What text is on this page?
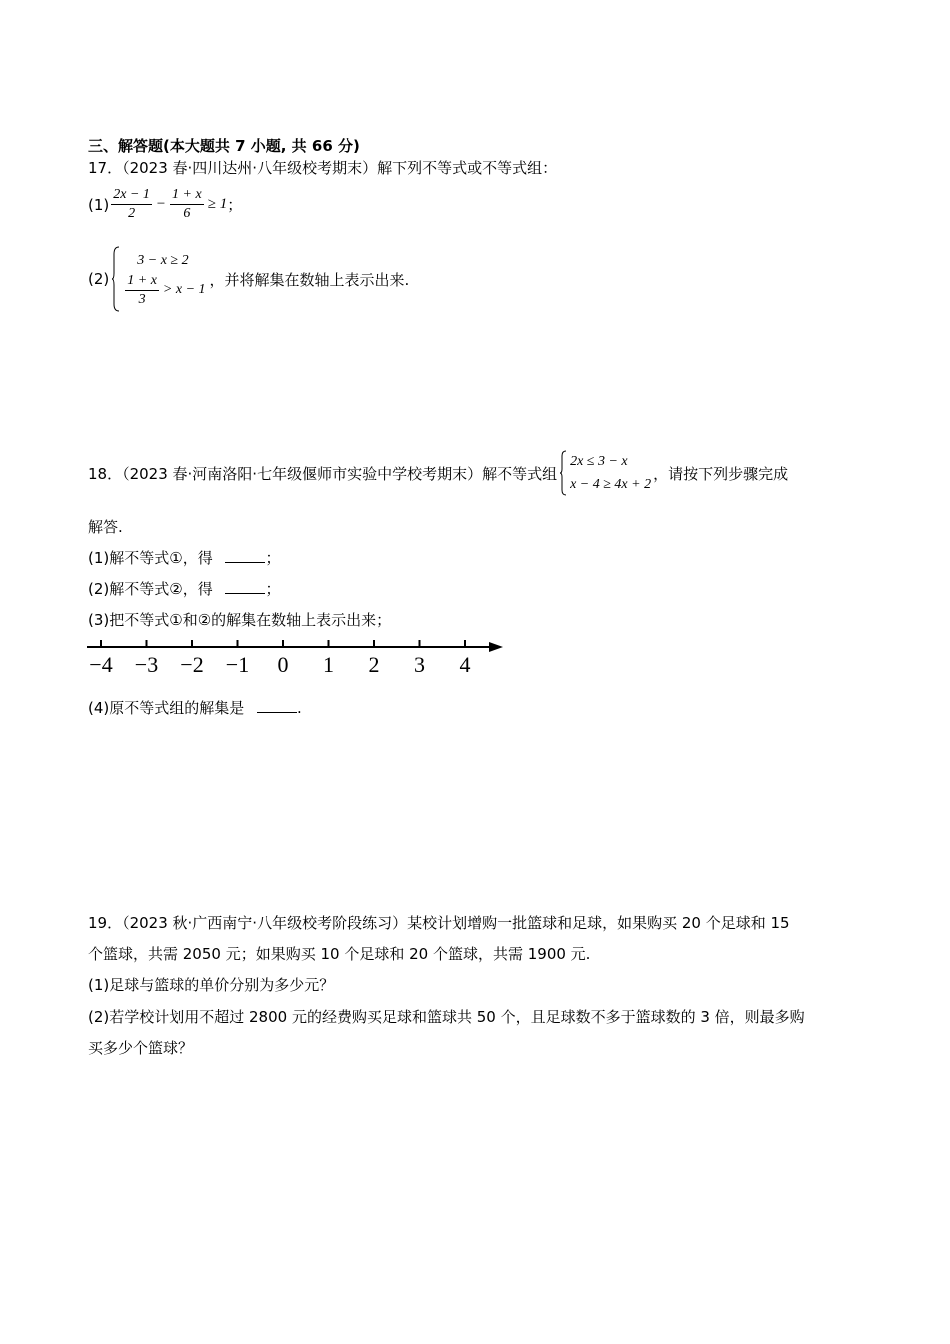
三、解答题(本大题共 7 小题, 共 66 分)
17．（2023 春·四川达州·八年级校考期末）解下列不等式或不等式组：
$(1) \frac{2x - 1}{2} - \frac{1 + x}{6} \ge 1$ ；
(2)
3 − x ≥ 2
$\frac{1 + x}{3} > x - 1$
，并将解集在数轴上表示出来.
18．（2023 春·河南洛阳·七年级偃师市实验中学校考期末）解不等式组
2x ≤ 3 − x
x − 4 ≥ 4x + 2
，请按下列步骤完成
解答.
(1)解不等式①，得	；
(2)解不等式②，得	；
(3)把不等式①和②的解集在数轴上表示出来；
−4 −3 −2 −1 0 1 2 3 4
(4)原不等式组的解集是	.
19．（2023 秋·广西南宁·八年级校考阶段练习）某校计划增购一批篮球和足球，如果购买 20 个足球和 15
个篮球，共需 2050 元；如果购买 10 个足球和 20 个篮球，共需 1900 元.
(1)足球与篮球的单价分别为多少元？
(2)若学校计划用不超过 2800 元的经费购买足球和篮球共 50 个，且足球数不多于篮球数的 3 倍，则最多购
买多少个篮球？
